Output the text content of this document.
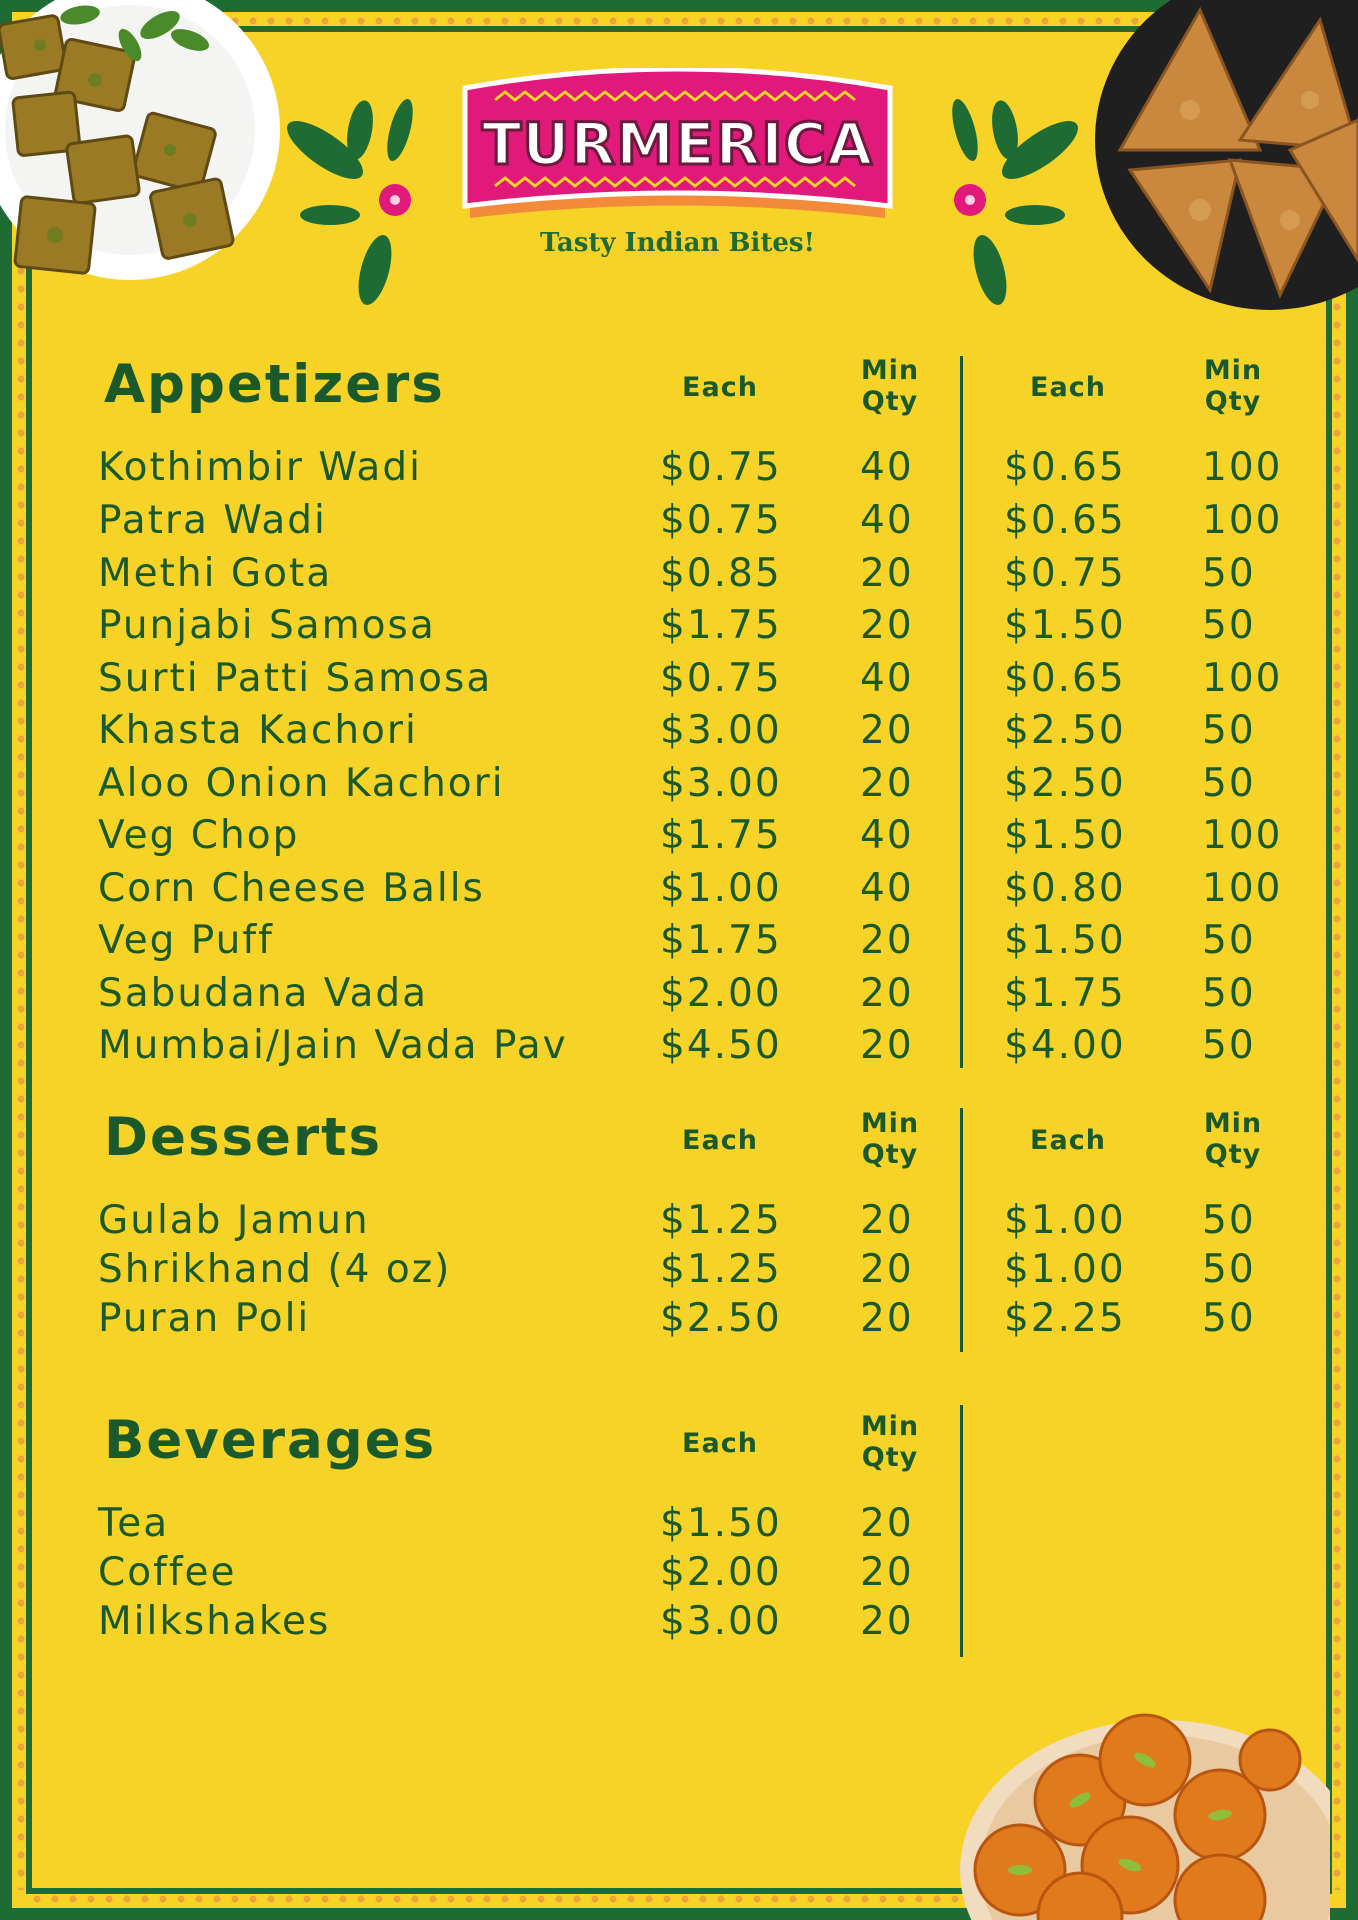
TURMERICA
Tasty Indian Bites!
Appetizers	Each
Min
Qty	Each
Min
Qty
Kothimbir Wadi	$0.75 40 $0.65 100
Patra Wadi	$0.75 40 $0.65 100
Methi Gota	$0.85 20 $0.75 50
Punjabi Samosa	$1.75 20 $1.50 50
Surti Patti Samosa	$0.75 40 $0.65 100
Khasta Kachori	$3.00 20 $2.50 50
Aloo Onion Kachori	$3.00 20 $2.50 50
Veg Chop	$1.75 40 $1.50 100
Corn Cheese Balls	$1.00 40 $0.80 100
Veg Puff	$1.75 20 $1.50 50
Sabudana Vada	$2.00 20 $1.75 50
Mumbai/Jain Vada Pav $4.50 20 $4.00 50
Desserts	Each
Min
Qty	Each
Min
Qty
Gulab Jamun	$1.25 20 $1.00 50
Shrikhand (4 oz)	$1.25 20 $1.00 50
Puran Poli	$2.50 20 $2.25 50
Beverages	Each
Min
Qty
Tea	$1.50 20
Coffee	$2.00 20
Milkshakes	$3.00 20
